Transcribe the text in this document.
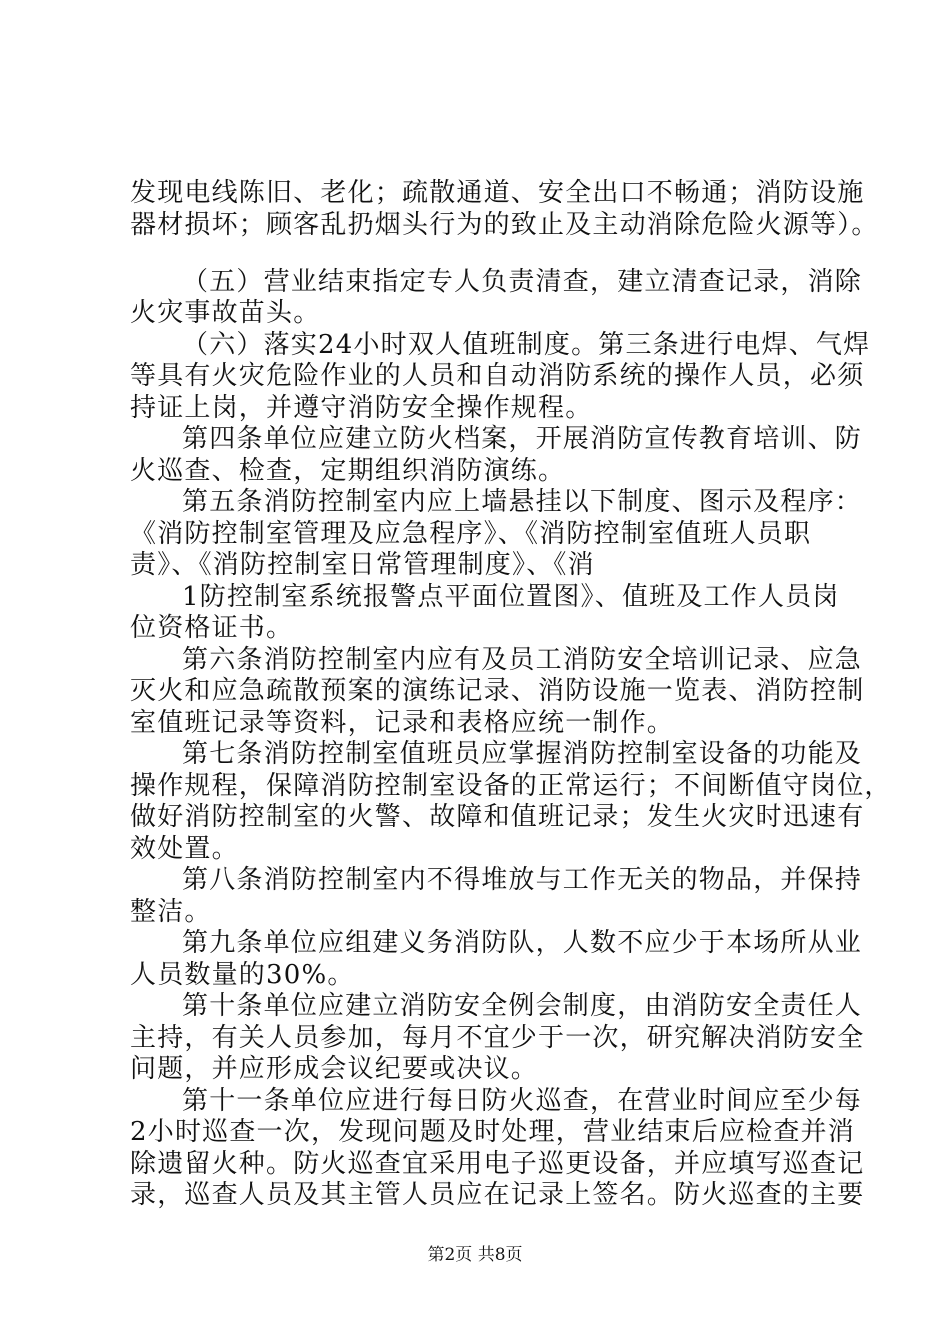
发现电线陈旧、老化；疏散通道、安全出口不畅通；消防设施
器材损坏；顾客乱扔烟头行为的致止及主动消除危险火源等）。
（五）营业结束指定专人负责清查，建立清查记录，消除
火灾事故苗头。
（六）落实24小时双人值班制度。第三条进行电焊、气焊
等具有火灾危险作业的人员和自动消防系统的操作人员，必须
持证上岗，并遵守消防安全操作规程。
第四条单位应建立防火档案，开展消防宣传教育培训、防
火巡查、检查，定期组织消防演练。
第五条消防控制室内应上墙悬挂以下制度、图示及程序：
《消防控制室管理及应急程序》、《消防控制室值班人员职
责》、《消防控制室日常管理制度》、《消
1防控制室系统报警点平面位置图》、值班及工作人员岗
位资格证书。
第六条消防控制室内应有及员工消防安全培训记录、应急
灭火和应急疏散预案的演练记录、消防设施一览表、消防控制
室值班记录等资料，记录和表格应统一制作。
第七条消防控制室值班员应掌握消防控制室设备的功能及
操作规程，保障消防控制室设备的正常运行；不间断值守岗位，
做好消防控制室的火警、故障和值班记录；发生火灾时迅速有
效处置。
第八条消防控制室内不得堆放与工作无关的物品，并保持
整洁。
第九条单位应组建义务消防队，人数不应少于本场所从业
人员数量的30%。
第十条单位应建立消防安全例会制度，由消防安全责任人
主持，有关人员参加，每月不宜少于一次，研究解决消防安全
问题，并应形成会议纪要或决议。
第十一条单位应进行每日防火巡查，在营业时间应至少每
2小时巡查一次，发现问题及时处理，营业结束后应检查并消
除遗留火种。防火巡查宜采用电子巡更设备，并应填写巡查记
录，巡查人员及其主管人员应在记录上签名。防火巡查的主要
第2页 共8页
